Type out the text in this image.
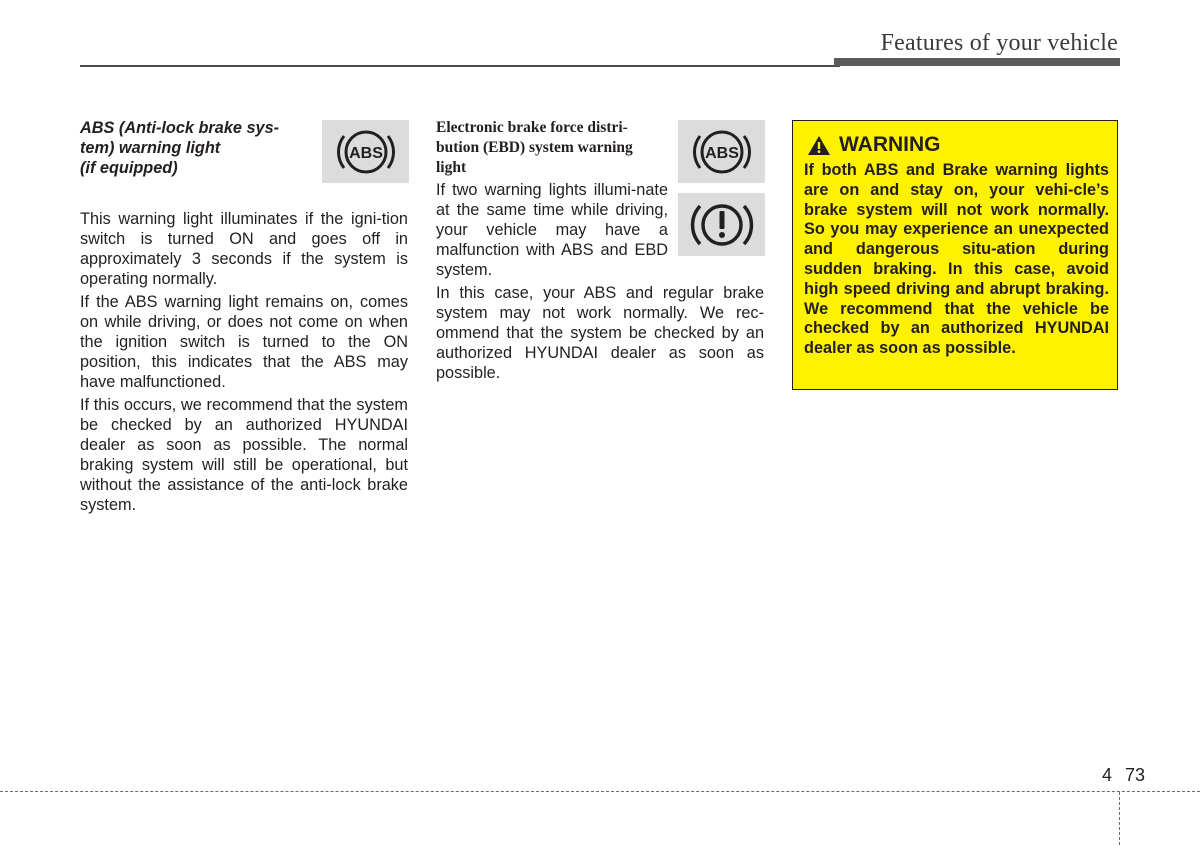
Features of your vehicle
ABS (Anti-lock brake sys-
tem) warning light
(if equipped)

This warning light illuminates if the igni-tion switch is turned ON and goes off in approximately 3 seconds if the system is operating normally.

If the ABS warning light remains on, comes on while driving, or does not come on when the ignition switch is turned to the ON position, this indicates that the ABS may have malfunctioned.

If this occurs, we recommend that the system be checked by an authorized HYUNDAI dealer as soon as possible. The normal braking system will still be operational, but without the assistance of the anti-lock brake system.

ABS
Electronic brake force distri-
bution (EBD) system warning
light

If two warning lights illumi-nate at the same time while driving, your vehicle may have a malfunction with ABS and EBD system.

In this case, your ABS and regular brake system may not work normally. We rec-ommend that the system be checked by an authorized HYUNDAI dealer as soon as possible.

ABS	WARNING
If both ABS and Brake warning lights are on and stay on, your vehi-cle’s brake system will not work normally. So you may experience an unexpected and dangerous situ-ation during sudden braking. In this case, avoid high speed driving and abrupt braking. We recommend that the vehicle be checked by an authorized HYUNDAI dealer as soon as possible.
4 73
